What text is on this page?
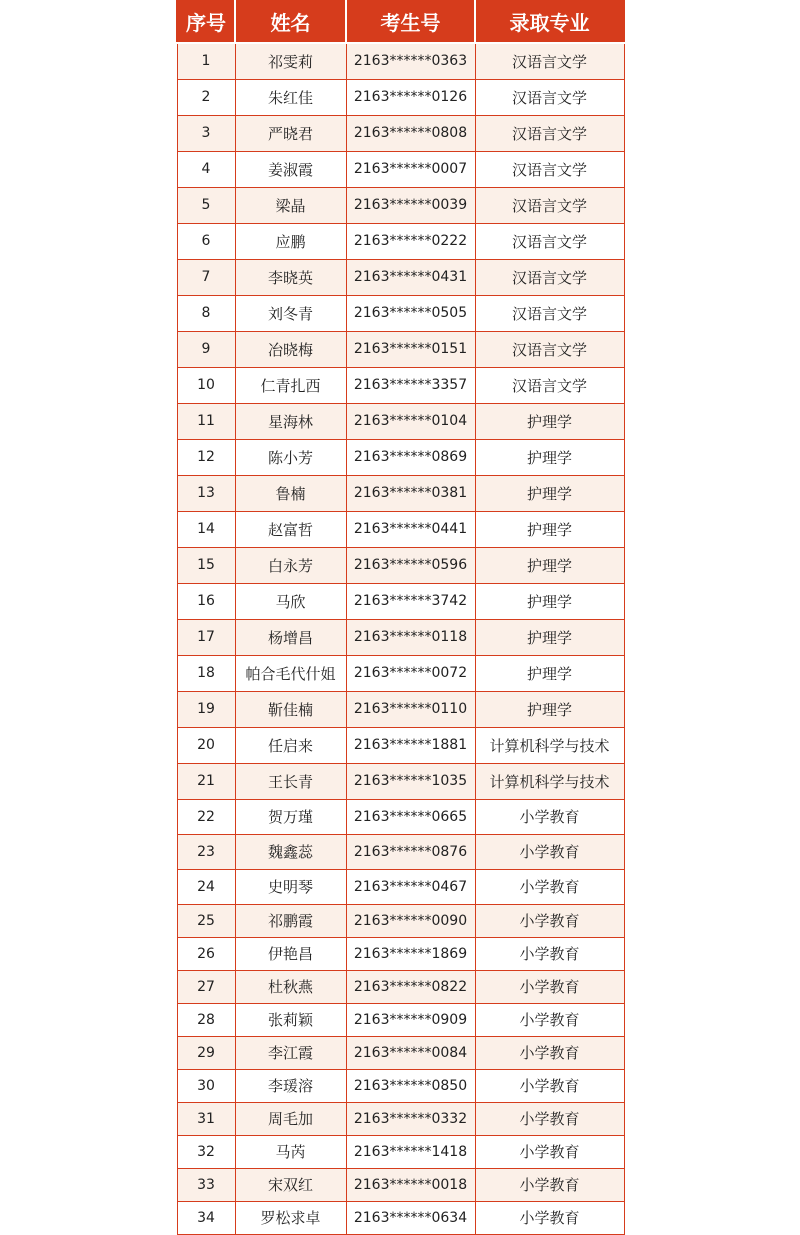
序号	姓名	考生号	录取专业
1	祁雯莉	2163******0363	汉语言文学
2	朱红佳	2163******0126	汉语言文学
3	严晓君	2163******0808	汉语言文学
4	姜淑霞	2163******0007	汉语言文学
5	梁晶	2163******0039	汉语言文学
6	应鹏	2163******0222	汉语言文学
7	李晓英	2163******0431	汉语言文学
8	刘冬青	2163******0505	汉语言文学
9	冶晓梅	2163******0151	汉语言文学
10	仁青扎西	2163******3357	汉语言文学
11	星海林	2163******0104	护理学
12	陈小芳	2163******0869	护理学
13	鲁楠	2163******0381	护理学
14	赵富哲	2163******0441	护理学
15	白永芳	2163******0596	护理学
16	马欣	2163******3742	护理学
17	杨增昌	2163******0118	护理学
18	帕合毛代什姐	2163******0072	护理学
19	靳佳楠	2163******0110	护理学
20	任启来	2163******1881	计算机科学与技术
21	王长青	2163******1035	计算机科学与技术
22	贺万瑾	2163******0665	小学教育
23	魏鑫蕊	2163******0876	小学教育
24	史明琴	2163******0467	小学教育
25	祁鹏霞	2163******0090	小学教育
26	伊艳昌	2163******1869	小学教育
27	杜秋燕	2163******0822	小学教育
28	张莉颖	2163******0909	小学教育
29	李江霞	2163******0084	小学教育
30	李瑗溶	2163******0850	小学教育
31	周毛加	2163******0332	小学教育
32	马芮	2163******1418	小学教育
33	宋双红	2163******0018	小学教育
34	罗松求卓	2163******0634	小学教育
